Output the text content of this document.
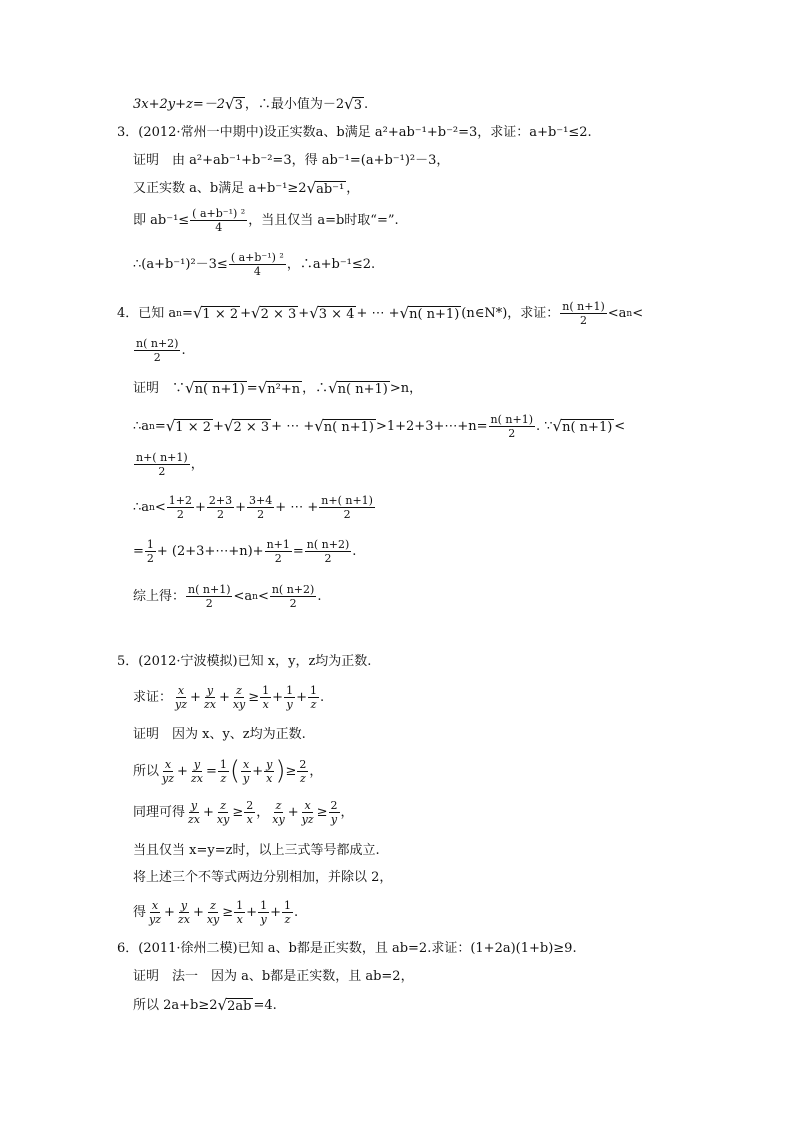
3x+2y+z=－2 √ 3 ，∴最小值为－2 √ 3 .
3． (2012·常州一中期中)设正实数 a、b满足 a²+ab⁻¹+b⁻²=3，求证：a+b⁻¹≤2.
证明　由 a²+ab⁻¹+b⁻²=3，得 ab⁻¹=(a+b⁻¹)²－3，
又正实数 a、b满足 a+b⁻¹≥2 √ ab⁻¹ ，
即 $ab^{-1}\le \frac{\text{( a+b⁻¹) ²}}{4}$ ，当且仅当 a=b时取“=”.
∴(a+b⁻¹)²－3≤ $\frac{\text{( a+b⁻¹) ²}}{4}$ ，∴a+b⁻¹≤2.
4．已知 a n = √ 1 × 2 + √ 2 × 3 + √ 3 × 4 + ⋯ + √ n( n+1) (n∈N*)，求证： $\frac{n( n+1)}{2} <a$ n <
$\frac{n( n+2)}{2}$ .
证明　∵ √ n( n+1) = √ n²+n ，∴ √ n( n+1) >n，
∴a n = √ 1 × 2 + √ 2 × 3 + ⋯ + √ n( n+1) >1+2+3+⋯+n= $\frac{n( n+1)}{2}$ . ∵ √ n( n+1) <
$\frac{n+( n+1)}{2}$ ，
∴a $n < \frac{1+2}{2} + \frac{2+3}{2} + \frac{3+4}{2}$ + ⋯ + $\frac{n+( n+1)}{2}$
= $\frac{1}{2}$ + (2+3+⋯+n)+ $\frac{n+1}{2} = \frac{n( n+2)}{2}$ .
综上得： $\frac{n( n+1)}{2} <a$ $n < \frac{n( n+2)}{2}$ .
5．(2012·宁波模拟)已知 x，y，z均为正数.
求证： $\frac{x}{yz} + \frac{y}{zx} + \frac{z}{xy} \ge \frac{1}{x} + \frac{1}{y} + \frac{1}{z}$ .
证明　因为 x、y、z均为正数.
所以 $\frac{x}{yz} + \frac{y}{zx} = \frac{1}{z}$ ( $\frac{x}{y} + \frac{y}{x}$ ) ≥ $\frac{2}{z}$ ，
同理可得 $\frac{y}{zx} + \frac{z}{xy} \ge \frac{2}{x}$ ， $\frac{z}{xy} + \frac{x}{yz} \ge \frac{2}{y}$ ，
当且仅当 x=y=z时，以上三式等号都成立.
将上述三个不等式两边分别相加，并除以 2，
得 $\frac{x}{yz} + \frac{y}{zx} + \frac{z}{xy} \ge \frac{1}{x} + \frac{1}{y} + \frac{1}{z}$ .
6．(2011·徐州二模)已知 a、b都是正实数，且 ab=2.求证：(1+2a)(1+b)≥9.
证明　法一　因为 a、b都是正实数，且 ab=2，
所以 2a+b≥2 √ 2ab =4.
